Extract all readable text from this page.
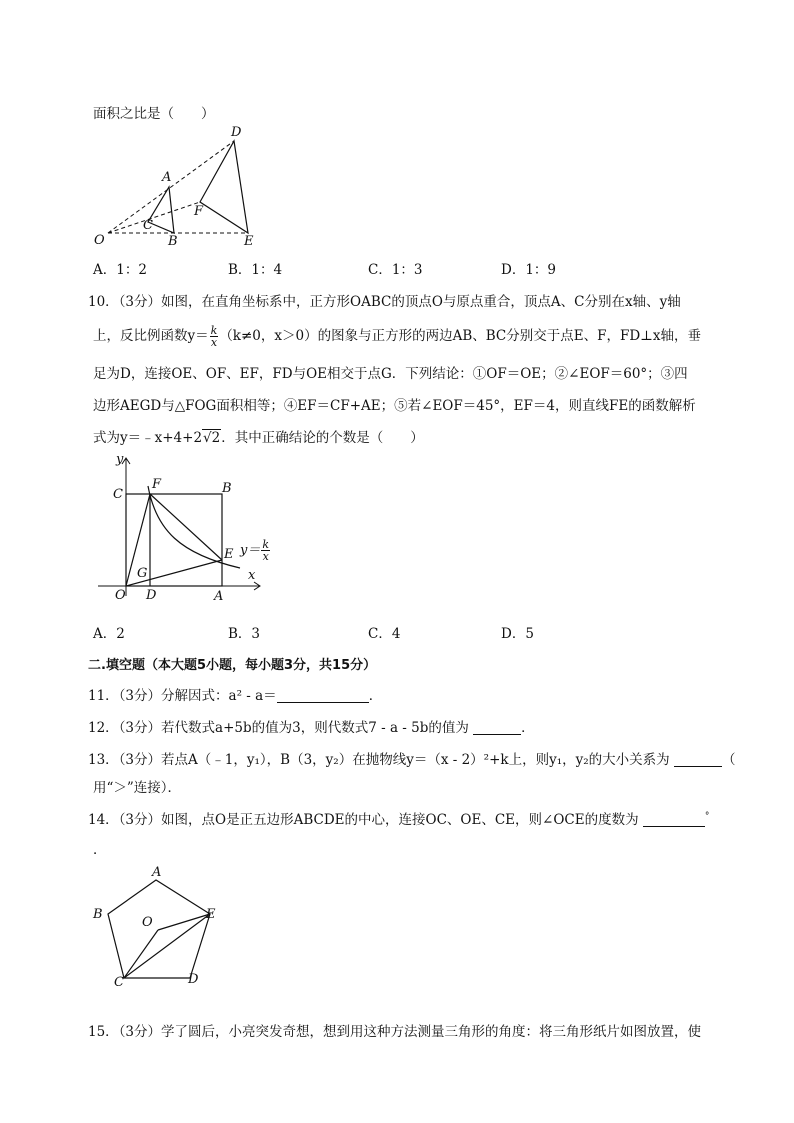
面积之比是（　　）
D
A
F
C
O	B	E
A．1：2	B．1：4	C．1：3	D．1：9
10．（3分）如图，在直角坐标系中，正方形OABC的顶点O与原点重合，顶点A、C分别在x轴、y轴
上，反比例函数$y= \frac{k}{x} (k\ne 0$，x＞0）的图象与正方形的两边AB、BC分别交于点E、F，FD⊥x轴，垂
足为D，连接OE、OF、EF，FD与OE相交于点G．下列结论：①OF＝OE；②∠EOF＝60°；③四
边形AEGD与△FOG面积相等；④EF＝CF+AE；⑤若∠EOF＝45°，EF＝4，则直线FE的函数解析
式为y＝﹣x+4+2√2．其中正确结论的个数是（　　）
y
C
F	B
E
G
O D	A
x
$y= \frac{k}{x}$
A．2	B．3	C．4	D．5
二.填空题（本大题5小题，每小题3分，共15分）
11．（3分）分解因式：a² - a＝	．
12．（3分）若代数式a+5b的值为3，则代数式7 - a - 5b的值为	．
13．（3分）若点A（﹣1，y₁），B（3，y₂）在抛物线y＝（x - 2）²+k上，则y₁，y₂的大小关系为	（
用“＞”连接）．
14．（3分）如图，点O是正五边形ABCDE的中心，连接OC、OE、CE，则∠OCE的度数为	°
．
A
B
O
E
C	D
15．（3分）学了圆后，小亮突发奇想，想到用这种方法测量三角形的角度：将三角形纸片如图放置，使
